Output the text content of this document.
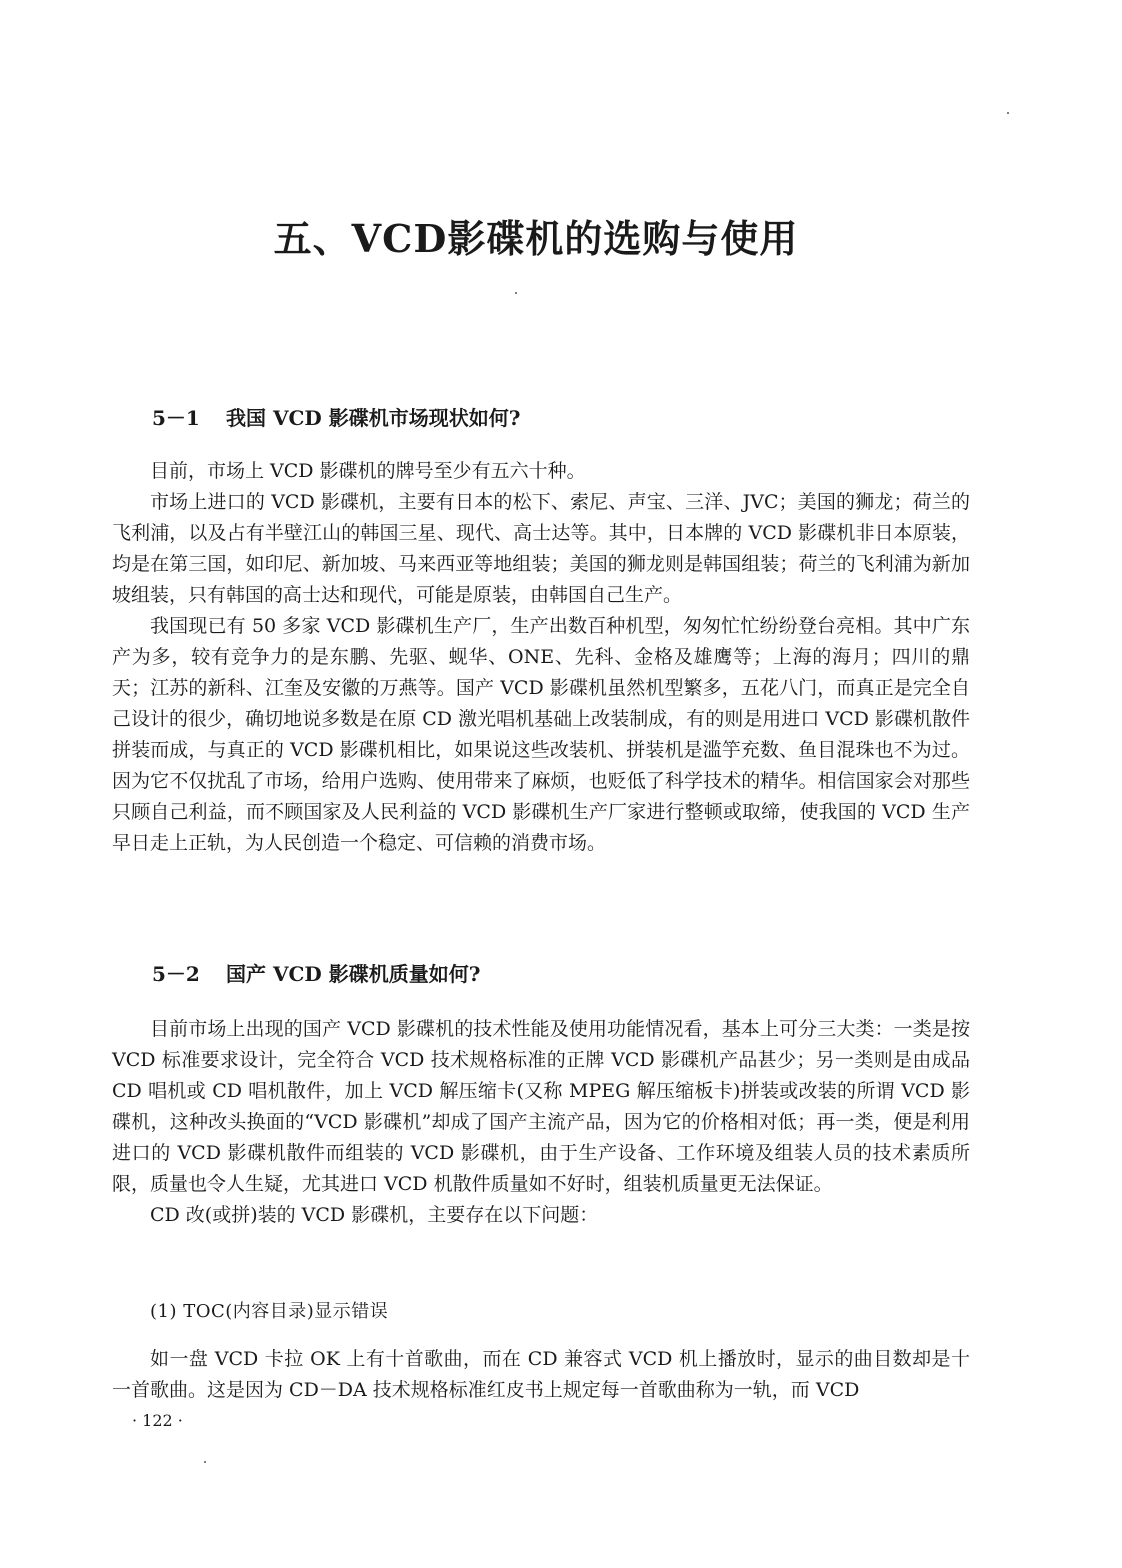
五、VCD影碟机的选购与使用
5－1 我国 VCD 影碟机市场现状如何?

目前，市场上 VCD 影碟机的牌号至少有五六十种。

市场上进口的 VCD 影碟机，主要有日本的松下、索尼、声宝、三洋、JVC；美国的狮龙；荷兰的飞利浦，以及占有半壁江山的韩国三星、现代、高士达等。其中，日本牌的 VCD 影碟机非日本原装，均是在第三国，如印尼、新加坡、马来西亚等地组装；美国的狮龙则是韩国组装；荷兰的飞利浦为新加坡组装，只有韩国的高士达和现代，可能是原装，由韩国自己生产。

我国现已有 50 多家 VCD 影碟机生产厂，生产出数百种机型，匆匆忙忙纷纷登台亮相。其中广东产为多，较有竞争力的是东鹏、先驱、蚬华、ONE、先科、金格及雄鹰等；上海的海月；四川的鼎天；江苏的新科、江奎及安徽的万燕等。国产 VCD 影碟机虽然机型繁多，五花八门，而真正是完全自己设计的很少，确切地说多数是在原 CD 激光唱机基础上改装制成，有的则是用进口 VCD 影碟机散件拼装而成，与真正的 VCD 影碟机相比，如果说这些改装机、拼装机是滥竽充数、鱼目混珠也不为过。因为它不仅扰乱了市场，给用户选购、使用带来了麻烦，也贬低了科学技术的精华。相信国家会对那些只顾自己利益，而不顾国家及人民利益的 VCD 影碟机生产厂家进行整顿或取缔，使我国的 VCD 生产早日走上正轨，为人民创造一个稳定、可信赖的消费市场。

5－2 国产 VCD 影碟机质量如何?

目前市场上出现的国产 VCD 影碟机的技术性能及使用功能情况看，基本上可分三大类：一类是按 VCD 标准要求设计，完全符合 VCD 技术规格标准的正牌 VCD 影碟机产品甚少；另一类则是由成品 CD 唱机或 CD 唱机散件，加上 VCD 解压缩卡(又称 MPEG 解压缩板卡)拼装或改装的所谓 VCD 影碟机，这种改头换面的“VCD 影碟机”却成了国产主流产品，因为它的价格相对低；再一类，便是利用进口的 VCD 影碟机散件而组装的 VCD 影碟机，由于生产设备、工作环境及组装人员的技术素质所限，质量也令人生疑，尤其进口 VCD 机散件质量如不好时，组装机质量更无法保证。

CD 改(或拼)装的 VCD 影碟机，主要存在以下问题：

(1) TOC(内容目录)显示错误

如一盘 VCD 卡拉 OK 上有十首歌曲，而在 CD 兼容式 VCD 机上播放时，显示的曲目数却是十一首歌曲。这是因为 CD－DA 技术规格标准红皮书上规定每一首歌曲称为一轨，而 VCD

· 122 ·
